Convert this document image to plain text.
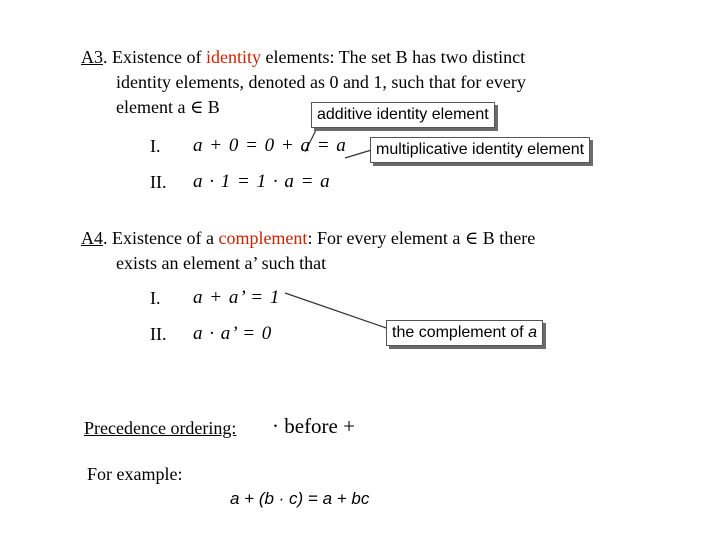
A3. Existence of identity elements: The set B has two distinct
identity elements, denoted as 0 and 1, such that for every
element a ∈ B	additive identity element
I. a + 0 = 0 + a = a	multiplicative identity element
II. a · 1 = 1 · a = a
A4. Existence of a complement: For every element a ∈ B there
exists an element a’ such that
I. a + a’ = 1
II. a · a’ = 0	the complement of a
Precedence ordering: · before +
For example:
a + (b · c) = a + bc
